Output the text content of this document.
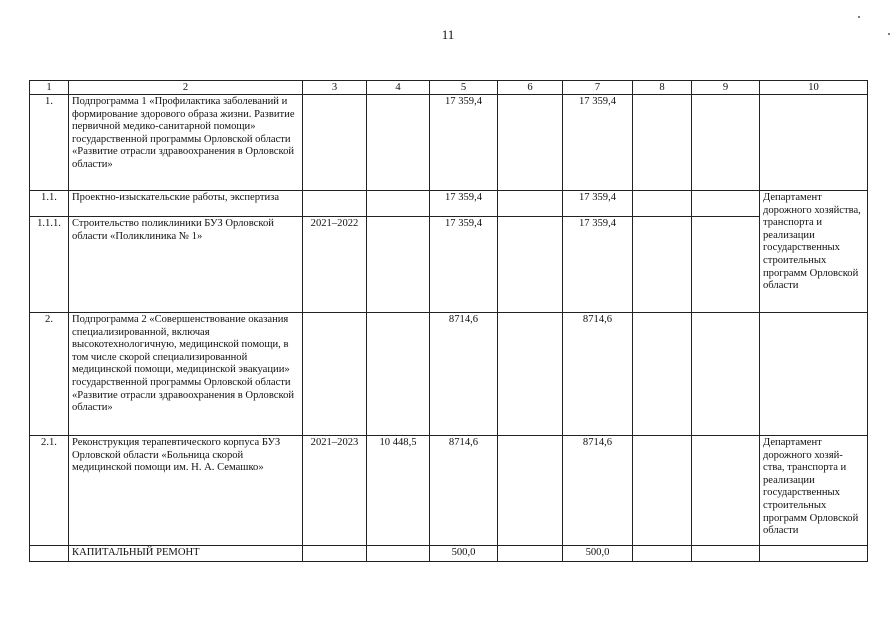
11
1	2	3	4	5	6	7	8	9	10
1.	Подпрограмма 1 «Профилактика заболеваний и формирование здорового образа жизни. Развитие первичной медико-санитарной помощи» государственной программы Орловской области «Развитие отрасли здравоохранения в Орловской области»			17 359,4		17 359,4			
1.1.	Проектно-изыскательские работы, экспертиза			17 359,4		17 359,4			Департамент дорожного хозяйства, транспорта и реализации государственных строительных программ Орловской области
1.1.1.	Строительство поликлиники БУЗ Орловской области «Поликлиника № 1»	2021–2022		17 359,4		17 359,4			
2.	Подпрограмма 2 «Совершенствование оказания специализированной, включая высокотехнологичную, медицинской помощи, в том числе скорой специализированной медицинской помощи, медицинской эвакуации» государственной программы Орловской области «Развитие отрасли здравоохранения в Орловской области»			8714,6		8714,6			
2.1.	Реконструкция терапевтического корпуса БУЗ Орловской области «Больница скорой медицинской помощи им. Н. А. Семашко»	2021–2023	10 448,5	8714,6		8714,6			Департамент дорожного хозяй-ства, транспорта и реализации государственных строительных программ Орловской области
	КАПИТАЛЬНЫЙ РЕМОНТ			500,0		500,0			
